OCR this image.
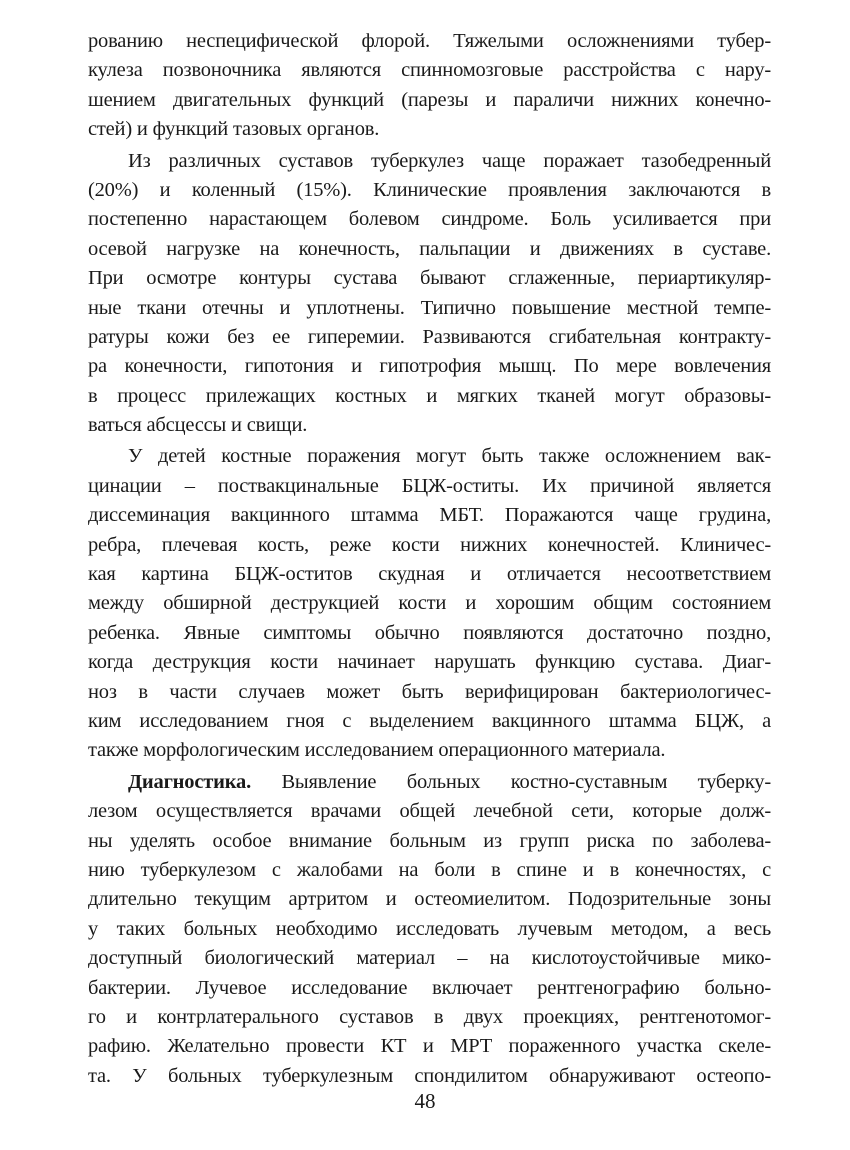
рованию неспецифической флорой. Тяжелыми осложнениями тубер-
кулеза позвоночника являются спинномозговые расстройства с нару-
шением двигательных функций (парезы и параличи нижних конечно-
стей) и функций тазовых органов.

Из различных суставов туберкулез чаще поражает тазобедренный
(20%) и коленный (15%). Клинические проявления заключаются в
постепенно нарастающем болевом синдроме. Боль усиливается при
осевой нагрузке на конечность, пальпации и движениях в суставе.
При осмотре контуры сустава бывают сглаженные, периартикуляр-
ные ткани отечны и уплотнены. Типично повышение местной темпе-
ратуры кожи без ее гиперемии. Развиваются сгибательная контракту-
ра конечности, гипотония и гипотрофия мышц. По мере вовлечения
в процесс прилежащих костных и мягких тканей могут образовы-
ваться абсцессы и свищи.

У детей костные поражения могут быть также осложнением вак-
цинации – поствакцинальные БЦЖ-оститы. Их причиной является
диссеминация вакцинного штамма МБТ. Поражаются чаще грудина,
ребра, плечевая кость, реже кости нижних конечностей. Клиничес-
кая картина БЦЖ-оститов скудная и отличается несоответствием
между обширной деструкцией кости и хорошим общим состоянием
ребенка. Явные симптомы обычно появляются достаточно поздно,
когда деструкция кости начинает нарушать функцию сустава. Диаг-
ноз в части случаев может быть верифицирован бактериологичес-
ким исследованием гноя с выделением вакцинного штамма БЦЖ, а
также морфологическим исследованием операционного материала.

Диагностика. Выявление больных костно-суставным туберку-
лезом осуществляется врачами общей лечебной сети, которые долж-
ны уделять особое внимание больным из групп риска по заболева-
нию туберкулезом с жалобами на боли в спине и в конечностях, с
длительно текущим артритом и остеомиелитом. Подозрительные зоны
у таких больных необходимо исследовать лучевым методом, а весь
доступный биологический материал – на кислотоустойчивые мико-
бактерии. Лучевое исследование включает рентгенографию больно-
го и контрлатерального суставов в двух проекциях, рентгенотомог-
рафию. Желательно провести КТ и МРТ пораженного участка скеле-
та. У больных туберкулезным спондилитом обнаруживают остеопо-

48
